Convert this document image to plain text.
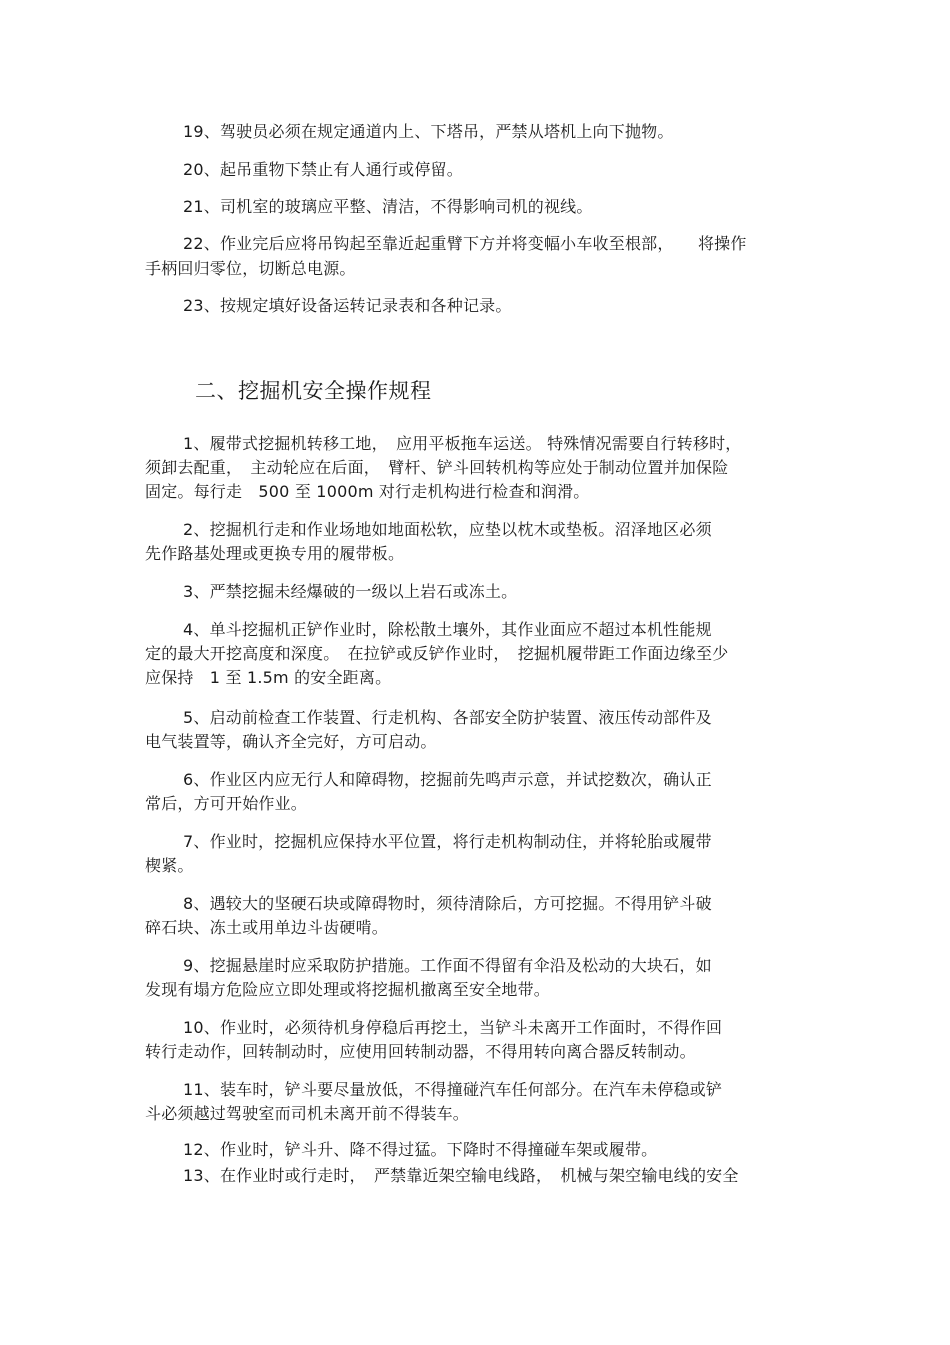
19、驾驶员必须在规定通道内上、下塔吊，严禁从塔机上向下抛物。
20、起吊重物下禁止有人通行或停留。
21、司机室的玻璃应平整、清洁，不得影响司机的视线。
22、作业完后应将吊钩起至靠近起重臂下方并将变幅小车收至根部，　　将操作
手柄回归零位，切断总电源。
23、按规定填好设备运转记录表和各种记录。
二、挖掘机安全操作规程
1、履带式挖掘机转移工地，　应用平板拖车运送。 特殊情况需要自行转移时，
须卸去配重，　主动轮应在后面，　臂杆、铲斗回转机构等应处于制动位置并加保险
固定。每行走　500 至 1000m 对行走机构进行检查和润滑。
2、挖掘机行走和作业场地如地面松软，应垫以枕木或垫板。沼泽地区必须
先作路基处理或更换专用的履带板。
3、严禁挖掘未经爆破的一级以上岩石或冻土。
4、单斗挖掘机正铲作业时，除松散土壤外，其作业面应不超过本机性能规
定的最大开挖高度和深度。　在拉铲或反铲作业时，　挖掘机履带距工作面边缘至少
应保持　1 至 1.5m 的安全距离。
5、启动前检查工作装置、行走机构、各部安全防护装置、液压传动部件及
电气装置等，确认齐全完好，方可启动。
6、作业区内应无行人和障碍物，挖掘前先鸣声示意，并试挖数次，确认正
常后，方可开始作业。
7、作业时，挖掘机应保持水平位置，将行走机构制动住，并将轮胎或履带
楔紧。
8、遇较大的坚硬石块或障碍物时，须待清除后，方可挖掘。不得用铲斗破
碎石块、冻土或用单边斗齿硬啃。
9、挖掘悬崖时应采取防护措施。工作面不得留有伞沿及松动的大块石，如
发现有塌方危险应立即处理或将挖掘机撤离至安全地带。
10、作业时，必须待机身停稳后再挖土，当铲斗未离开工作面时，不得作回
转行走动作，回转制动时，应使用回转制动器，不得用转向离合器反转制动。
11、装车时，铲斗要尽量放低，不得撞碰汽车任何部分。在汽车未停稳或铲
斗必须越过驾驶室而司机未离开前不得装车。
12、作业时，铲斗升、降不得过猛。下降时不得撞碰车架或履带。
13、在作业时或行走时，　严禁靠近架空输电线路，　机械与架空输电线的安全
